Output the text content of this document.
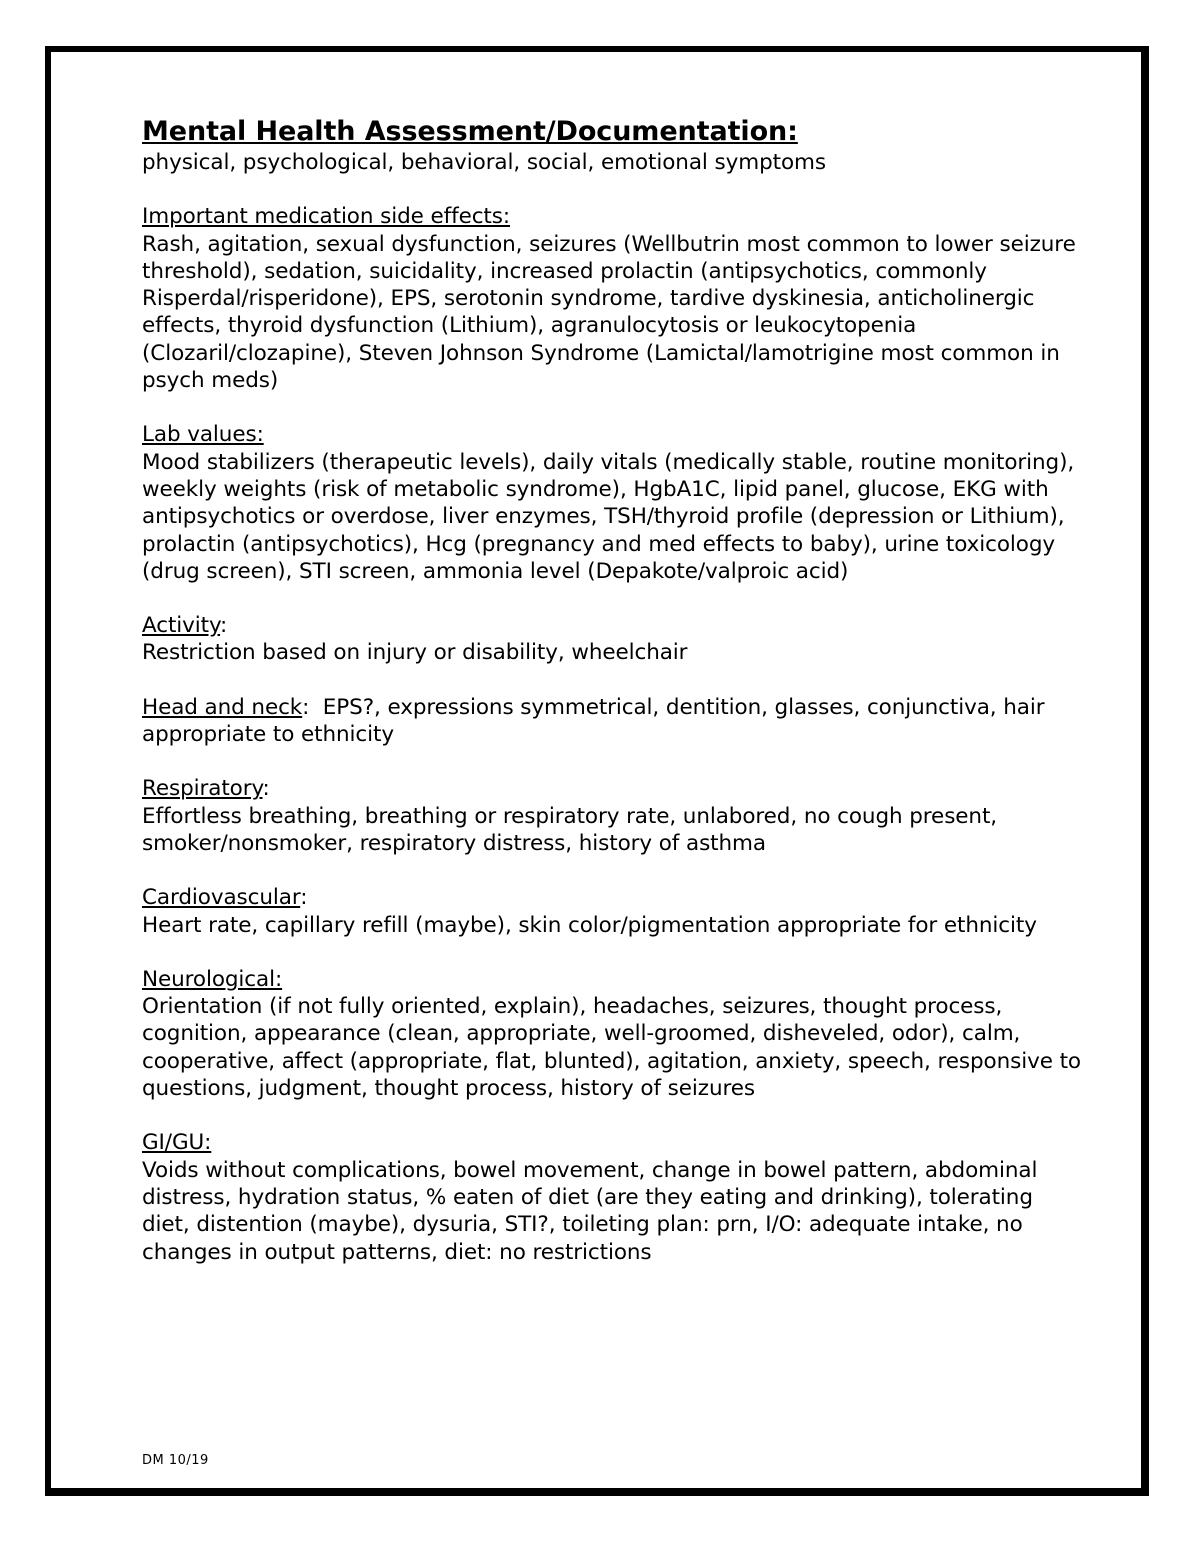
Mental Health Assessment/Documentation:

physical, psychological, behavioral, social, emotional symptoms

Important medication side effects:

Rash, agitation, sexual dysfunction, seizures (Wellbutrin most common to lower seizure threshold), sedation, suicidality, increased prolactin (antipsychotics, commonly Risperdal/risperidone), EPS, serotonin syndrome, tardive dyskinesia, anticholinergic effects, thyroid dysfunction (Lithium), agranulocytosis or leukocytopenia (Clozaril/clozapine), Steven Johnson Syndrome (Lamictal/lamotrigine most common in psych meds)

Lab values:

Mood stabilizers (therapeutic levels), daily vitals (medically stable, routine monitoring), weekly weights (risk of metabolic syndrome), HgbA1C, lipid panel, glucose, EKG with antipsychotics or overdose, liver enzymes, TSH/thyroid profile (depression or Lithium), prolactin (antipsychotics), Hcg (pregnancy and med effects to baby), urine toxicology (drug screen), STI screen, ammonia level (Depakote/valproic acid)

Activity:

Restriction based on injury or disability, wheelchair

Head and neck:  EPS?, expressions symmetrical, dentition, glasses, conjunctiva, hair appropriate to ethnicity

Respiratory:

Effortless breathing, breathing or respiratory rate, unlabored, no cough present, smoker/nonsmoker, respiratory distress, history of asthma

Cardiovascular:

Heart rate, capillary refill (maybe), skin color/pigmentation appropriate for ethnicity

Neurological:

Orientation (if not fully oriented, explain), headaches, seizures, thought process, cognition, appearance (clean, appropriate, well-groomed, disheveled, odor), calm, cooperative, affect (appropriate, flat, blunted), agitation, anxiety, speech, responsive to questions, judgment, thought process, history of seizures

GI/GU:

Voids without complications, bowel movement, change in bowel pattern, abdominal distress, hydration status, % eaten of diet (are they eating and drinking), tolerating diet, distention (maybe), dysuria, STI?, toileting plan: prn, I/O: adequate intake, no changes in output patterns, diet: no restrictions

DM 10/19
